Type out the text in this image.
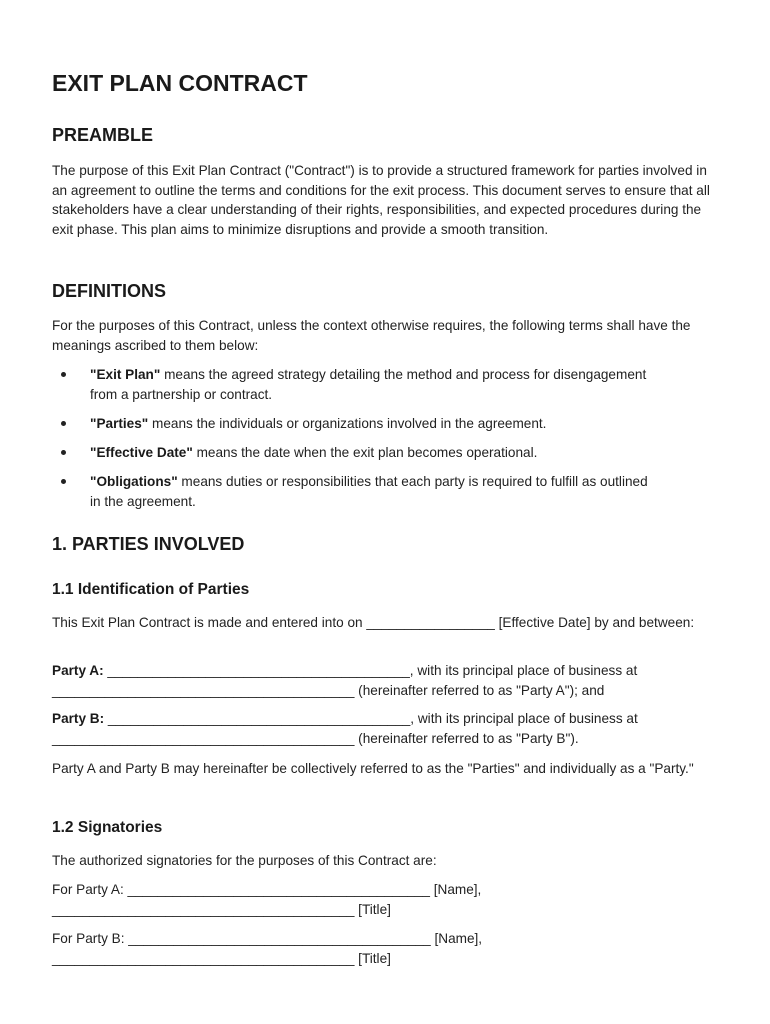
EXIT PLAN CONTRACT
PREAMBLE

The purpose of this Exit Plan Contract ("Contract") is to provide a structured framework for parties involved in an agreement to outline the terms and conditions for the exit process. This document serves to ensure that all stakeholders have a clear understanding of their rights, responsibilities, and expected procedures during the exit phase. This plan aims to minimize disruptions and provide a smooth transition.

DEFINITIONS

For the purposes of this Contract, unless the context otherwise requires, the following terms shall have the meanings ascribed to them below:

"Exit Plan" means the agreed strategy detailing the method and process for disengagement from a partnership or contract.
"Parties" means the individuals or organizations involved in the agreement.
"Effective Date" means the date when the exit plan becomes operational.
"Obligations" means duties or responsibilities that each party is required to fulfill as outlined in the agreement.
1. PARTIES INVOLVED
1.1 Identification of Parties

This Exit Plan Contract is made and entered into on _________________ [Effective Date] by and between:

Party A: ________________________________________, with its principal place of business at ________________________________________ (hereinafter referred to as "Party A"); and

Party B: ________________________________________, with its principal place of business at ________________________________________ (hereinafter referred to as "Party B").

Party A and Party B may hereinafter be collectively referred to as the "Parties" and individually as a "Party."

1.2 Signatories

The authorized signatories for the purposes of this Contract are:

For Party A: ________________________________________ [Name],
________________________________________ [Title]

For Party B: ________________________________________ [Name],
________________________________________ [Title]
